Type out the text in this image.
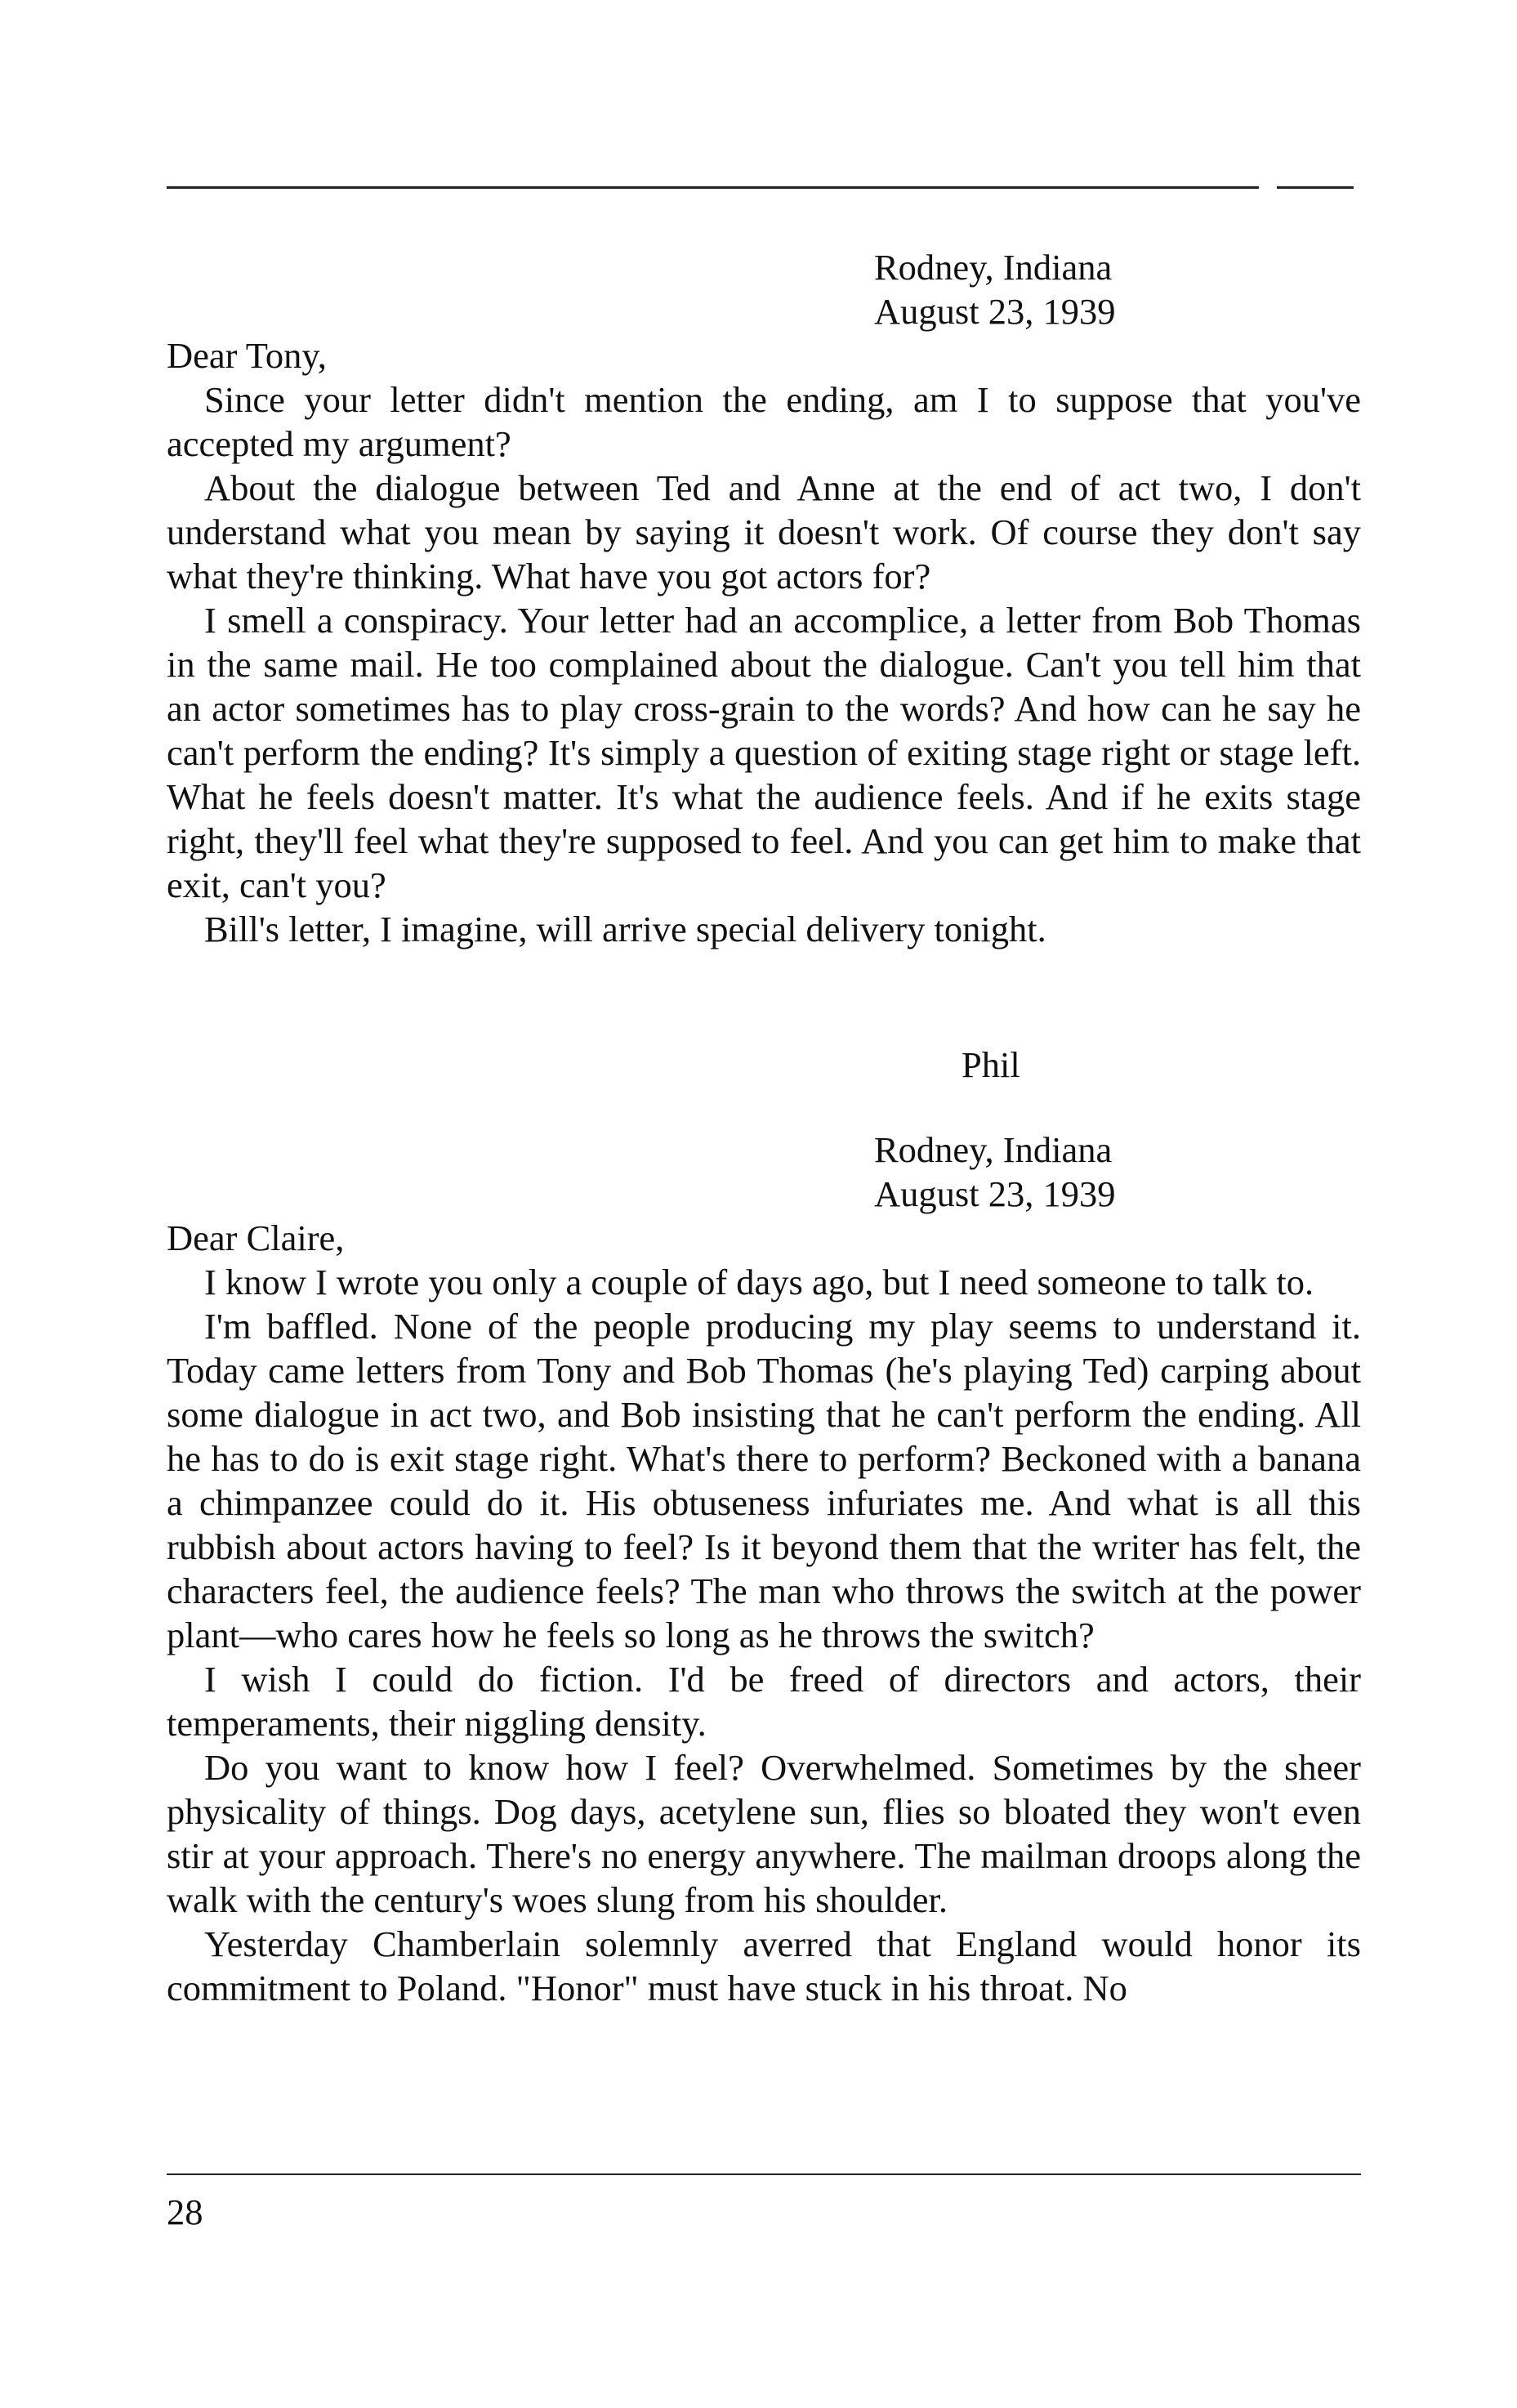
Rodney, Indiana
August 23, 1939

Dear Tony,

Since your letter didn't mention the ending, am I to suppose that you've accepted my argument?

About the dialogue between Ted and Anne at the end of act two, I don't understand what you mean by saying it doesn't work. Of course they don't say what they're thinking. What have you got actors for?

I smell a conspiracy. Your letter had an accomplice, a letter from Bob Thomas in the same mail. He too complained about the dialogue. Can't you tell him that an actor sometimes has to play cross-grain to the words? And how can he say he can't perform the ending? It's simply a question of exiting stage right or stage left. What he feels doesn't matter. It's what the audience feels. And if he exits stage right, they'll feel what they're supposed to feel. And you can get him to make that exit, can't you?

Bill's letter, I imagine, will arrive special delivery tonight.

Phil
Rodney, Indiana
August 23, 1939

Dear Claire,

I know I wrote you only a couple of days ago, but I need someone to talk to.

I'm baffled. None of the people producing my play seems to understand it. Today came letters from Tony and Bob Thomas (he's playing Ted) carping about some dialogue in act two, and Bob insisting that he can't perform the ending. All he has to do is exit stage right. What's there to perform? Beckoned with a banana a chimpanzee could do it. His obtuseness infuriates me. And what is all this rubbish about actors having to feel? Is it beyond them that the writer has felt, the characters feel, the audience feels? The man who throws the switch at the power plant—who cares how he feels so long as he throws the switch?

I wish I could do fiction. I'd be freed of directors and actors, their temperaments, their niggling density.

Do you want to know how I feel? Overwhelmed. Sometimes by the sheer physicality of things. Dog days, acetylene sun, flies so bloated they won't even stir at your approach. There's no energy anywhere. The mailman droops along the walk with the century's woes slung from his shoulder.

Yesterday Chamberlain solemnly averred that England would honor its commitment to Poland. "Honor" must have stuck in his throat. No

28
